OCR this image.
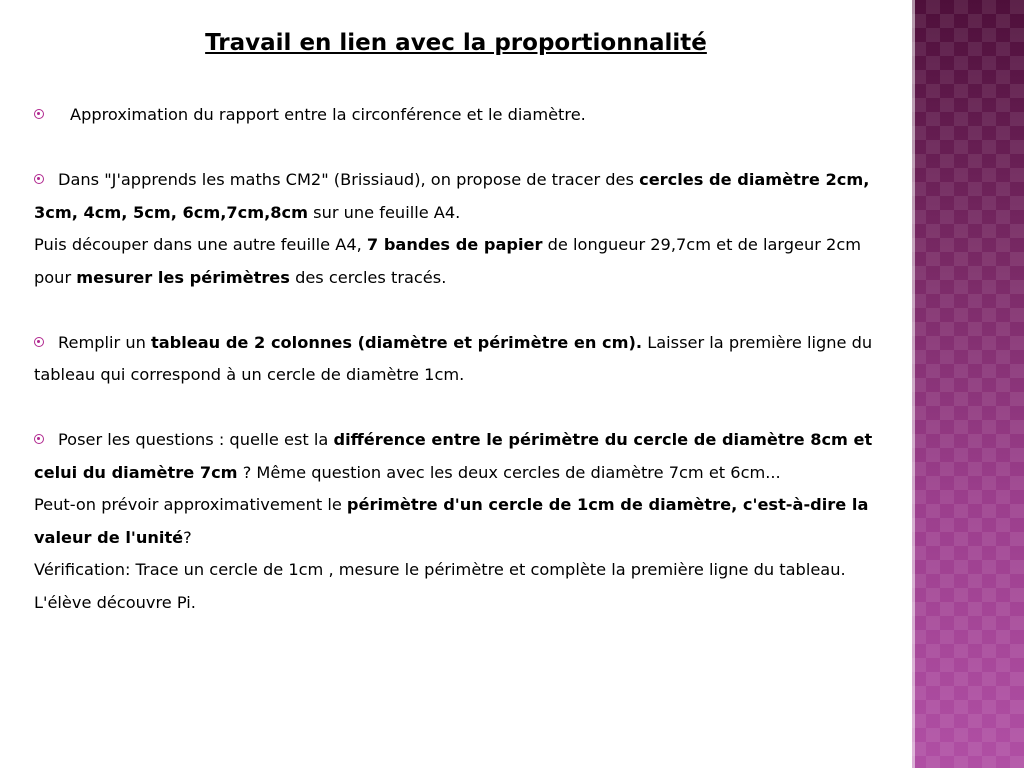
Travail en lien avec la proportionnalité

Approximation du rapport entre la circonférence et le diamètre.

Dans "J'apprends les maths CM2" (Brissiaud), on propose de tracer des cercles de diamètre 2cm, 3cm, 4cm, 5cm, 6cm,7cm,8cm sur une feuille A4.

Puis découper dans une autre feuille A4, 7 bandes de papier de longueur 29,7cm et de largeur 2cm pour mesurer les périmètres des cercles tracés.

Remplir un tableau de 2 colonnes (diamètre et périmètre en cm). Laisser la première ligne du tableau qui correspond à un cercle de diamètre 1cm.

Poser les questions : quelle est la différence entre le périmètre du cercle de diamètre 8cm et celui du diamètre 7cm ? Même question avec les deux cercles de diamètre 7cm et 6cm...

Peut-on prévoir approximativement le périmètre d'un cercle de 1cm de diamètre, c'est-à-dire la valeur de l'unité?

Vérification: Trace un cercle de 1cm , mesure le périmètre et complète la première ligne du tableau.

L'élève découvre Pi.
